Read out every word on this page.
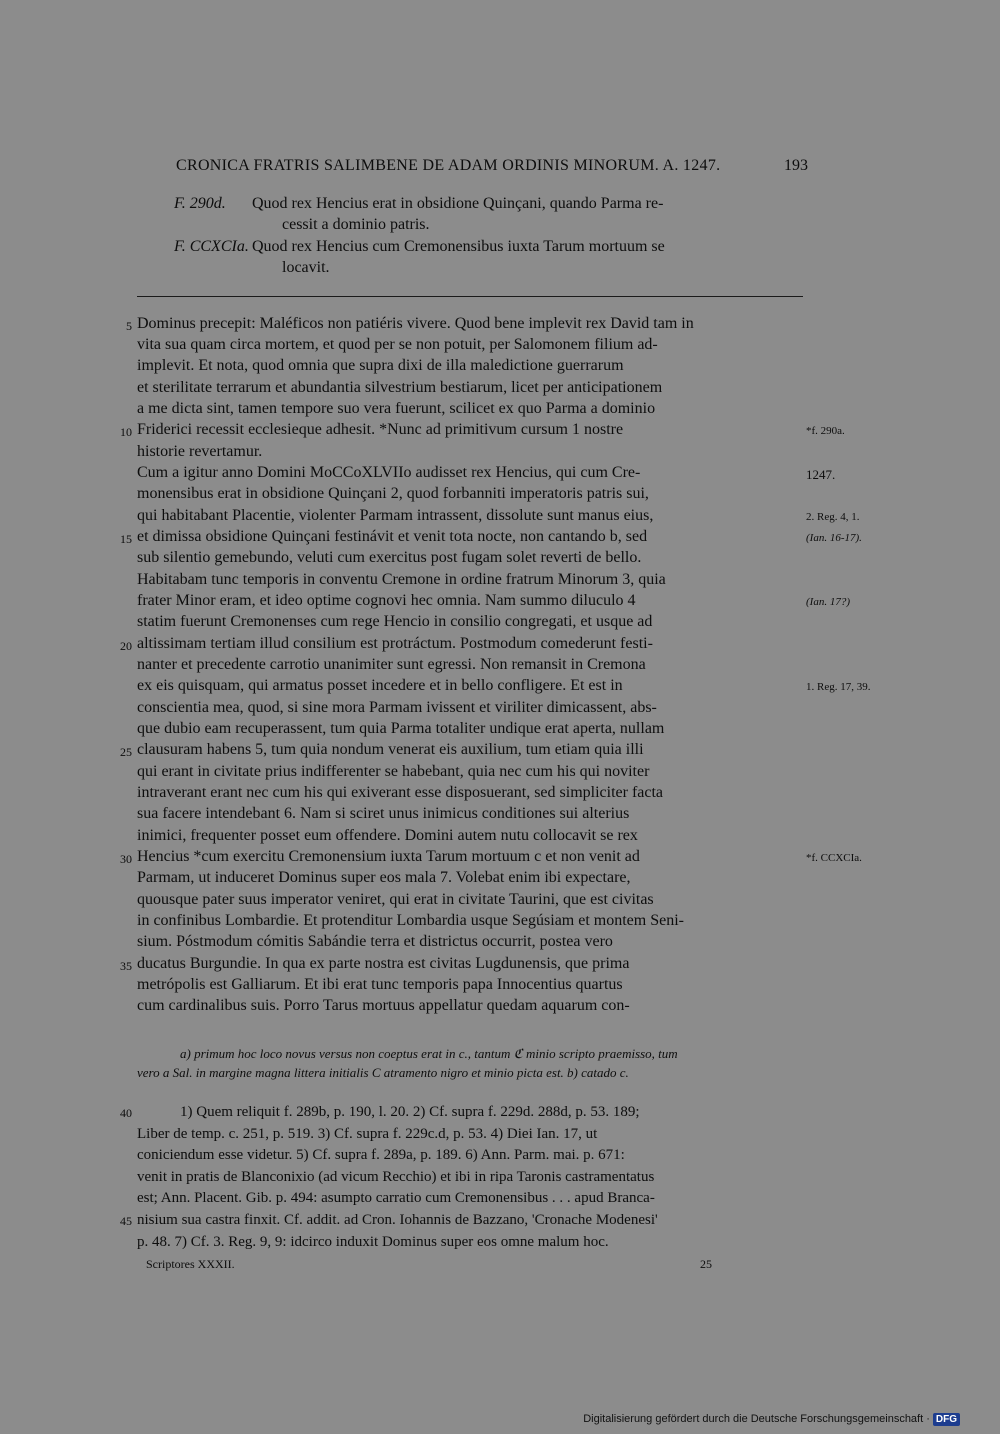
CRONICA FRATRIS SALIMBENE DE ADAM ORDINIS MINORUM. A. 1247.	193
F. 290d. Quod rex Hencius erat in obsidione Quinçani, quando Parma re-
cessit a dominio patris.
F. CCXCIa. Quod rex Hencius cum Cremonensibus iuxta Tarum mortuum se
locavit.
Dominus precepit: Maléficos non patiéris vivere. Quod bene implevit rex David tam in
vita sua quam circa mortem, et quod per se non potuit, per Salomonem filium ad-
implevit. Et nota, quod omnia que supra dixi de illa maledictione guerrarum
et sterilitate terrarum et abundantia silvestrium bestiarum, licet per anticipationem
a me dicta sint, tamen tempore suo vera fuerunt, scilicet ex quo Parma a dominio
Friderici recessit ecclesieque adhesit. *Nunc ad primitivum cursum 1 nostre
historie revertamur.
Cum a igitur anno Domini MoCCoXLVIIo audisset rex Hencius, qui cum Cre-
monensibus erat in obsidione Quinçani 2, quod forbanniti imperatoris patris sui,
qui habitabant Placentie, violenter Parmam intrassent, dissolute sunt manus eius,
et dimissa obsidione Quinçani festinávit et venit tota nocte, non cantando b, sed
sub silentio gemebundo, veluti cum exercitus post fugam solet reverti de bello.
Habitabam tunc temporis in conventu Cremone in ordine fratrum Minorum 3, quia
frater Minor eram, et ideo optime cognovi hec omnia. Nam summo diluculo 4
statim fuerunt Cremonenses cum rege Hencio in consilio congregati, et usque ad
altissimam tertiam illud consilium est protráctum. Postmodum comederunt festi-
nanter et precedente carrotio unanimiter sunt egressi. Non remansit in Cremona
ex eis quisquam, qui armatus posset incedere et in bello confligere. Et est in
conscientia mea, quod, si sine mora Parmam ivissent et viriliter dimicassent, abs-
que dubio eam recuperassent, tum quia Parma totaliter undique erat aperta, nullam
clausuram habens 5, tum quia nondum venerat eis auxilium, tum etiam quia illi
qui erant in civitate prius indifferenter se habebant, quia nec cum his qui noviter
intraverant erant nec cum his qui exiverant esse disposuerant, sed simpliciter facta
sua facere intendebant 6. Nam si sciret unus inimicus conditiones sui alterius
inimici, frequenter posset eum offendere. Domini autem nutu collocavit se rex
Hencius *cum exercitu Cremonensium iuxta Tarum mortuum c et non venit ad
Parmam, ut induceret Dominus super eos mala 7. Volebat enim ibi expectare,
quousque pater suus imperator veniret, qui erat in civitate Taurini, que est civitas
in confinibus Lombardie. Et protenditur Lombardia usque Segúsiam et montem Seni-
sium. Póstmodum cómitis Sabándie terra et districtus occurrit, postea vero
ducatus Burgundie. In qua ex parte nostra est civitas Lugdunensis, que prima
metrópolis est Galliarum. Et ibi erat tunc temporis papa Innocentius quartus
cum cardinalibus suis. Porro Tarus mortuus appellatur quedam aquarum con-
5
10
15
20
25
30
35
*f. 290a.
1247.
2. Reg. 4, 1.
(Ian. 16-17).
(Ian. 17?)
1. Reg. 17, 39.
*f. CCXCIa.
a) primum hoc loco novus versus non coeptus erat in c., tantum ℭ minio scripto praemisso, tum
vero a Sal. in margine magna littera initialis C atramento nigro et minio picta est. b) catado c.
1) Quem reliquit f. 289b, p. 190, l. 20. 2) Cf. supra f. 229d. 288d, p. 53. 189;
Liber de temp. c. 251, p. 519. 3) Cf. supra f. 229c.d, p. 53. 4) Diei Ian. 17, ut
coniciendum esse videtur. 5) Cf. supra f. 289a, p. 189. 6) Ann. Parm. mai. p. 671:
venit in pratis de Blanconixio (ad vicum Recchio) et ibi in ripa Taronis castramentatus
est; Ann. Placent. Gib. p. 494: asumpto carratio cum Cremonensibus . . . apud Branca-
nisium sua castra finxit. Cf. addit. ad Cron. Iohannis de Bazzano, 'Cronache Modenesi'
p. 48. 7) Cf. 3. Reg. 9, 9: idcirco induxit Dominus super eos omne malum hoc.
40
45
Scriptores XXXII.	25
Digitalisierung gefördert durch die Deutsche Forschungsgemeinschaft · DFG
